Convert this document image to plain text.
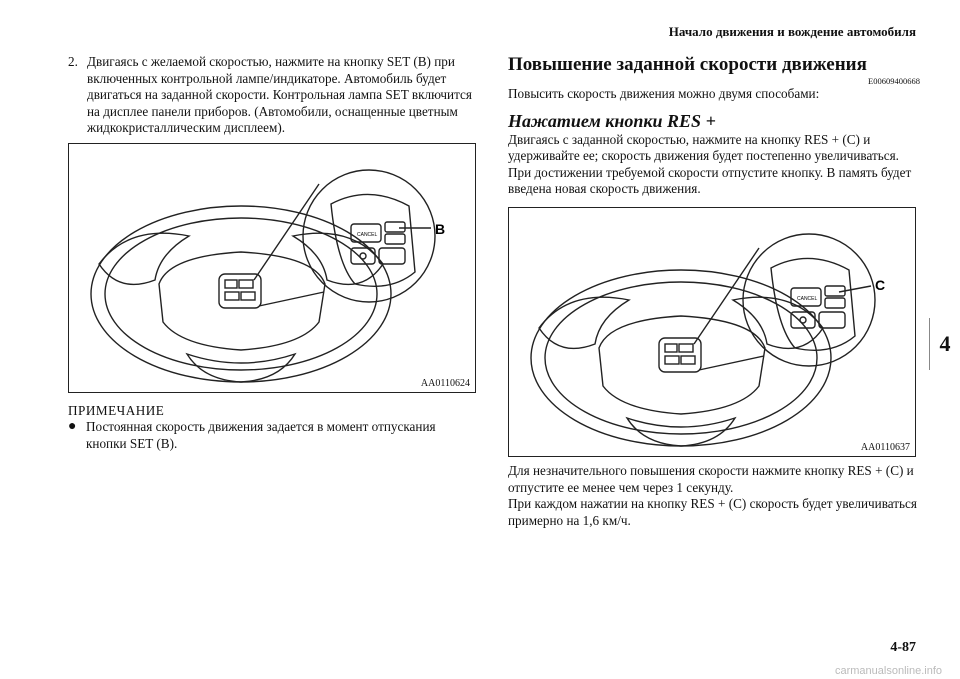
Начало движения и вождение автомобиля
4
2. Двигаясь с желаемой скоростью, нажмите на кнопку SET (B) при включенных контрольной лампе/индикаторе. Автомобиль будет двигаться на заданной скорости. Контрольная лампа SET включится на дисплее панели приборов. (Автомобили, оснащенные цветным жидкокристаллическим дисплеем).
CANCEL	B
AA0110624
ПРИМЕЧАНИЕ
● Постоянная скорость движения задается в момент отпускания кнопки SET (B).
Повышение заданной скорости движения
E00609400668

Повысить скорость движения можно двумя способами:

Нажатием кнопки RES +

Двигаясь с заданной скоростью, нажмите на кнопку RES + (C) и удерживайте ее; скорость движения будет постепенно увеличиваться. При достижении требуемой скорости отпустите кнопку. В память будет введена новая скорость движения.

CANCEL
C
AA0110637

Для незначительного повышения скорости нажмите кнопку RES + (C) и отпустите ее менее чем через 1 секунду.

При каждом нажатии на кнопку RES + (C) скорость будет увеличиваться примерно на 1,6 км/ч.

4-87
carmanualsonline.info
